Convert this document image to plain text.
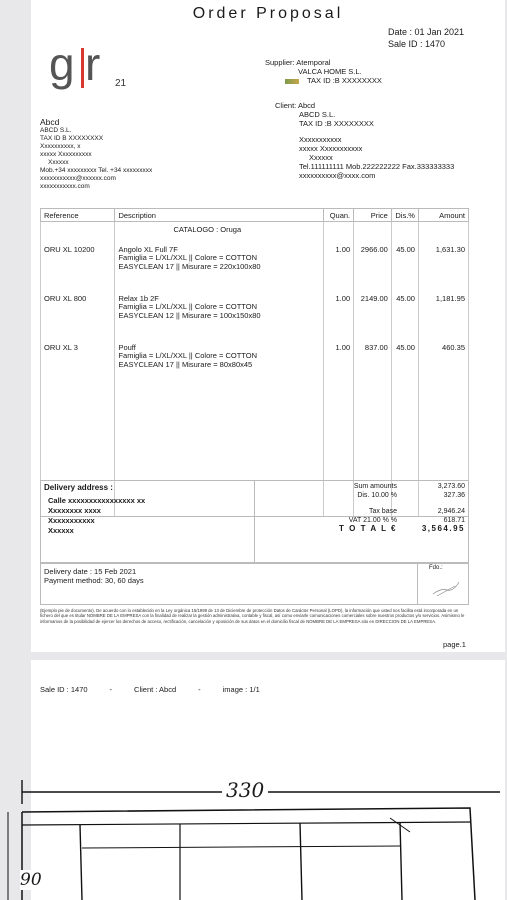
Order Proposal
Date : 01 Jan 2021
Sale ID : 1470
g r 21
Supplier: Atemporal
VALCA HOME S.L.
TAX ID :B XXXXXXXX
Client: Abcd
ABCD S.L.
TAX ID :B XXXXXXXX
Xxxxxxxxxxx
xxxxx Xxxxxxxxxxx
Xxxxxx
Tel.111111111 Mob.222222222 Fax.333333333
xxxxxxxxxx@xxxx.com
Abcd
ABCD S.L.
TAX ID B XXXXXXXX
Xxxxxxxxxx, x
xxxxx Xxxxxxxxxx
Xxxxxx
Mob.+34 xxxxxxxxx Tel. +34 xxxxxxxxx
xxxxxxxxxxx@xxxxxx.com
xxxxxxxxxxx.com
Reference	Description	Quan.	Price	Dis.%	Amount
	CATALOGO : Oruga				
ORU XL 10200	Angolo XL Full 7F
Famiglia = L/XL/XXL || Colore = COTTON
EASYCLEAN 17 || Misurare = 220x100x80	1.00	2966.00	45.00	1,631.30
ORU XL 800	Relax 1b 2F
Famiglia = L/XL/XXL || Colore = COTTON
EASYCLEAN 12 || Misurare = 100x150x80	1.00	2149.00	45.00	1,181.95
ORU XL 3	Pouff
Famiglia = L/XL/XXL || Colore = COTTON
EASYCLEAN 17 || Misurare = 80x80x45	1.00	837.00	45.00	460.35

Delivery address :
Calle xxxxxxxxxxxxxxxx xx
Xxxxxxxx xxxx
Xxxxxxxxxxx
Xxxxxx
Sum amounts	3,273.60
Dis. 10.00 %	327.36
Tax base	2,946.24
VAT 21.00 % %	618.71
T O T A L €	3,564.95
Delivery date : 15 Feb 2021
Payment method: 30, 60 days
Fdo.:
(Ejemplo pie de documento). De acuerdo con lo establecido en la Ley orgánica 15/1999 de 13 de Diciembre de protección Datos de Carácter Personal (LOPD), la información que usted nos facilita está incorporada en un fichero del que es titular NOMBRE DE LA EMPRESA con la finalidad de realizar la gestión administrativa, contable y fiscal, así como enviarle comunicaciones comerciales sobre nuestros productos y/o servicios. Asimismo le informamos de la posibilidad de ejercer los derechos de acceso, rectificación, cancelación y oposición de sus datos en el domicilio fiscal de NOMBRE DE LA EMPRESA sito en DIRECCION DE LA EMPRESA.
page.1
Sale ID : 1470	-	Client : Abcd	-	image : 1/1
330
90
